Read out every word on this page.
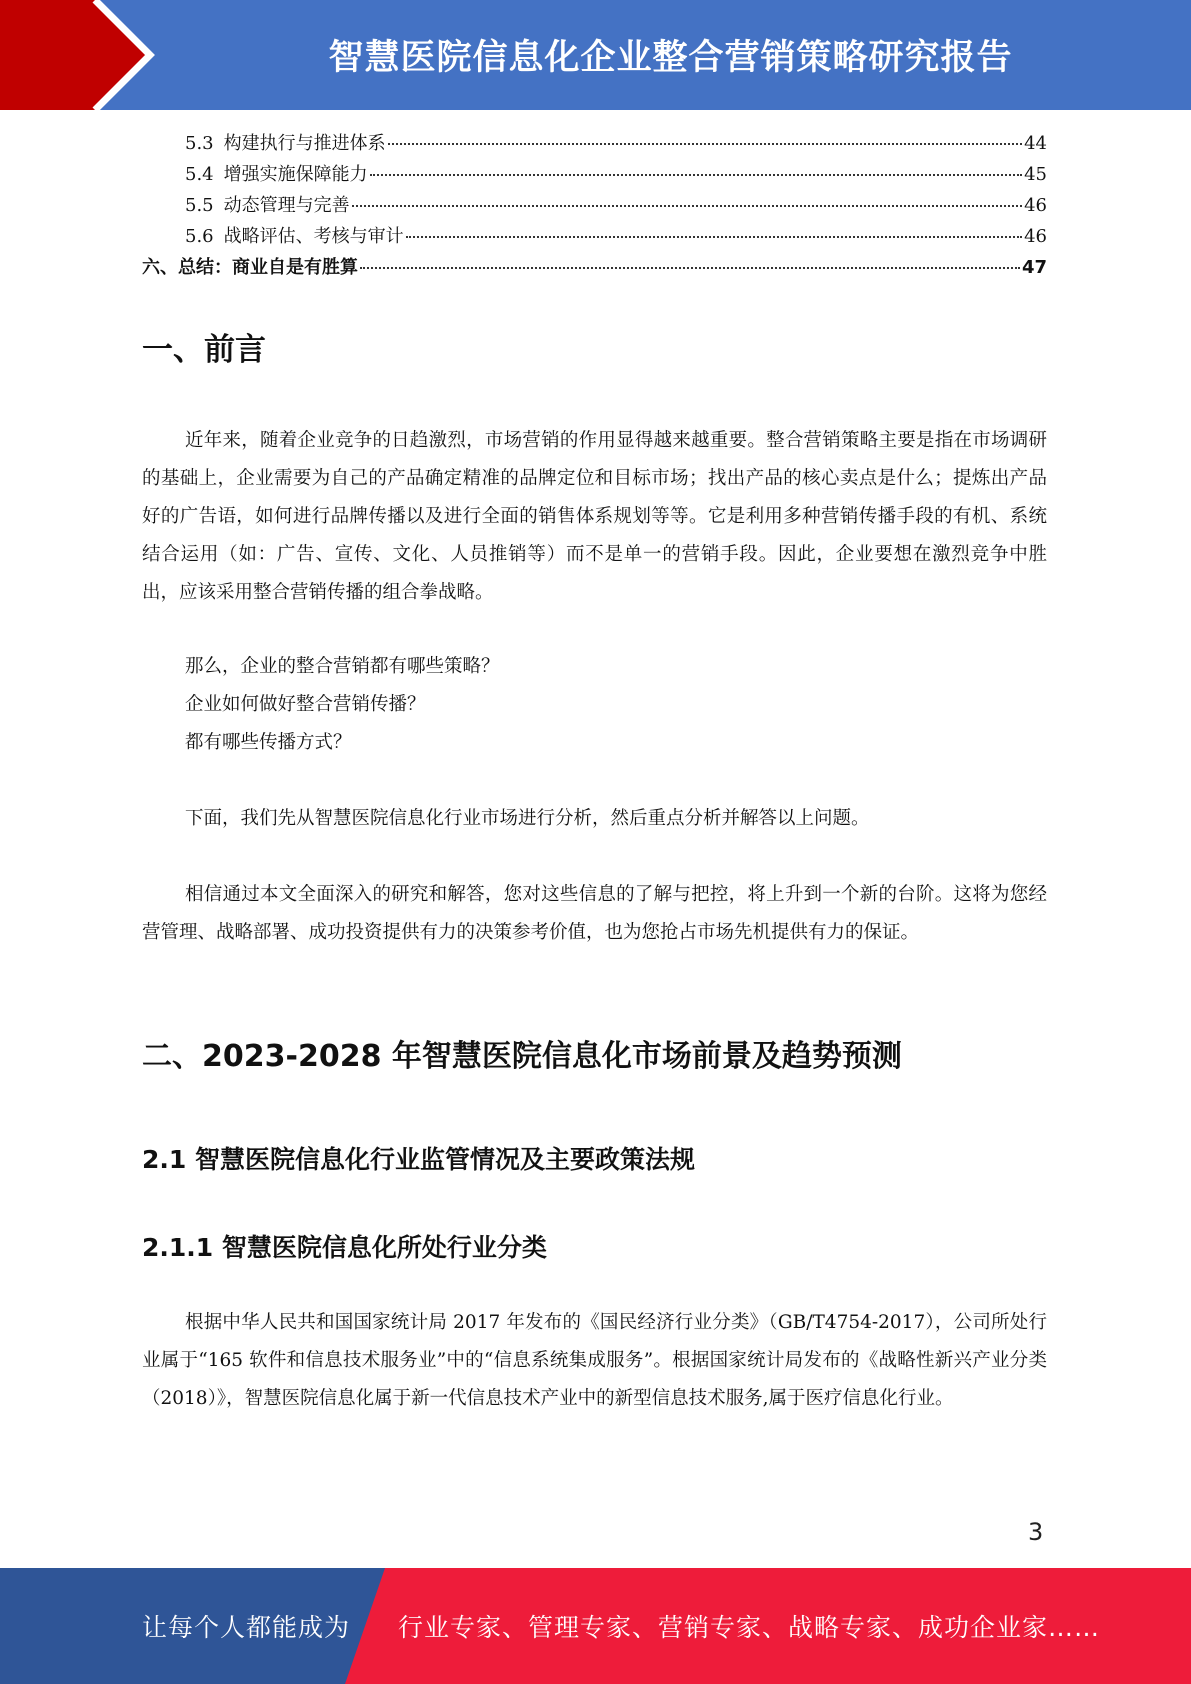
智慧医院信息化企业整合营销策略研究报告
5.3 构建执行与推进体系	44
5.4 增强实施保障能力	45
5.5 动态管理与完善	46
5.6 战略评估、考核与审计	46
六、总结：商业自是有胜算	47
一、前言

近年来，随着企业竞争的日趋激烈，市场营销的作用显得越来越重要。整合营销策略主要是指在市场调研的基础上，企业需要为自己的产品确定精准的品牌定位和目标市场；找出产品的核心卖点是什么；提炼出产品好的广告语，如何进行品牌传播以及进行全面的销售体系规划等等。它是利用多种营销传播手段的有机、系统结合运用（如：广告、宣传、文化、人员推销等）而不是单一的营销手段。因此，企业要想在激烈竞争中胜出，应该采用整合营销传播的组合拳战略。

那么，企业的整合营销都有哪些策略？

企业如何做好整合营销传播？

都有哪些传播方式？

下面，我们先从智慧医院信息化行业市场进行分析，然后重点分析并解答以上问题。

相信通过本文全面深入的研究和解答，您对这些信息的了解与把控，将上升到一个新的台阶。这将为您经营管理、战略部署、成功投资提供有力的决策参考价值，也为您抢占市场先机提供有力的保证。

二、2023-2028 年智慧医院信息化市场前景及趋势预测
2.1 智慧医院信息化行业监管情况及主要政策法规
2.1.1 智慧医院信息化所处行业分类

根据中华人民共和国国家统计局 2017 年发布的《国民经济行业分类》（GB/T4754-2017），公司所处行业属于“165 软件和信息技术服务业”中的“信息系统集成服务”。根据国家统计局发布的《战略性新兴产业分类（2018）》，智慧医院信息化属于新一代信息技术产业中的新型信息技术服务,属于医疗信息化行业。

3
让每个人都能成为 行业专家、管理专家、营销专家、战略专家、成功企业家……
